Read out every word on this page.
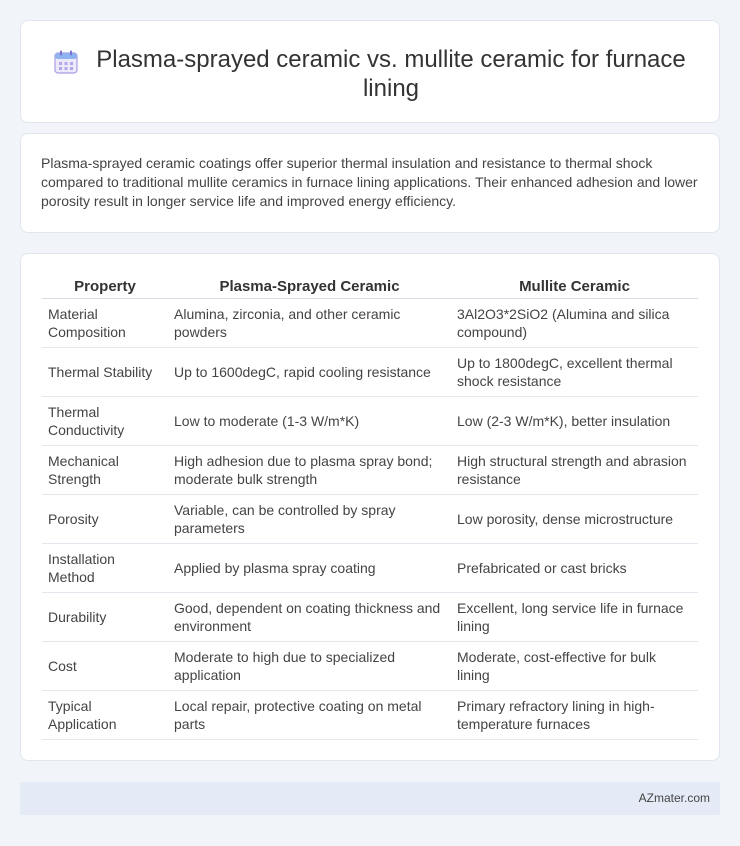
Plasma-sprayed ceramic vs. mullite ceramic for furnace lining

Plasma-sprayed ceramic coatings offer superior thermal insulation and resistance to thermal shock compared to traditional mullite ceramics in furnace lining applications. Their enhanced adhesion and lower porosity result in longer service life and improved energy efficiency.

Property	Plasma-Sprayed Ceramic	Mullite Ceramic
Material Composition	Alumina, zirconia, and other ceramic powders	3Al2O3*2SiO2 (Alumina and silica compound)
Thermal Stability	Up to 1600degC, rapid cooling resistance	Up to 1800degC, excellent thermal shock resistance
Thermal Conductivity	Low to moderate (1-3 W/m*K)	Low (2-3 W/m*K), better insulation
Mechanical Strength	High adhesion due to plasma spray bond; moderate bulk strength	High structural strength and abrasion resistance
Porosity	Variable, can be controlled by spray parameters	Low porosity, dense microstructure
Installation Method	Applied by plasma spray coating	Prefabricated or cast bricks
Durability	Good, dependent on coating thickness and environment	Excellent, long service life in furnace lining
Cost	Moderate to high due to specialized application	Moderate, cost-effective for bulk lining
Typical Application	Local repair, protective coating on metal parts	Primary refractory lining in high-temperature furnaces
AZmater.com
